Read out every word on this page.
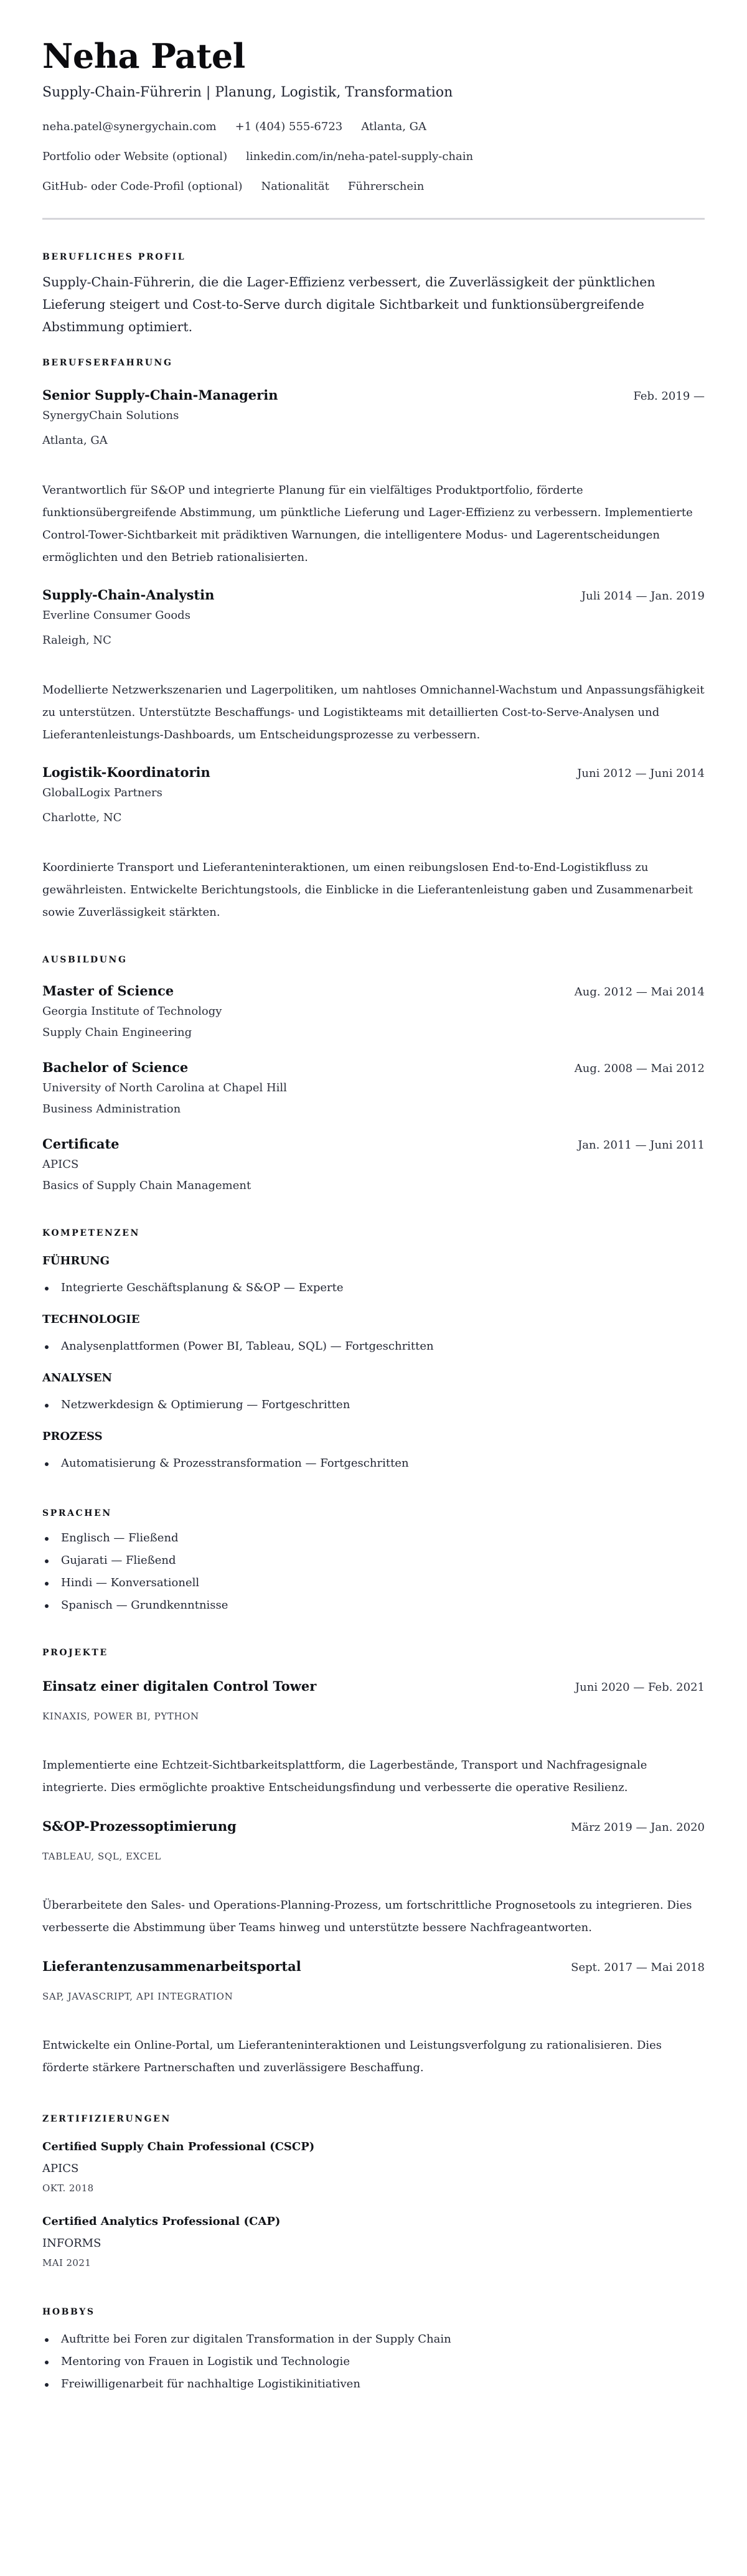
Neha Patel
Supply-Chain-Führerin | Planung, Logistik, Transformation
neha.patel@synergychain.com +1 (404) 555-6723 Atlanta, GA
Portfolio oder Website (optional) linkedin.com/in/neha-patel-supply-chain
GitHub- oder Code-Profil (optional) Nationalität Führerschein
BERUFLICHES PROFIL

Supply-Chain-Führerin, die die Lager-Effizienz verbessert, die Zuverlässigkeit der pünktlichen Lieferung steigert und Cost-to-Serve durch digitale Sichtbarkeit und funktionsübergreifende Abstimmung optimiert.

BERUFSERFAHRUNG
Senior Supply-Chain-Managerin	Feb. 2019 —
SynergyChain Solutions
Atlanta, GA

Verantwortlich für S&OP und integrierte Planung für ein vielfältiges Produktportfolio, förderte funktionsübergreifende Abstimmung, um pünktliche Lieferung und Lager-Effizienz zu verbessern. Implementierte Control-Tower-Sichtbarkeit mit prädiktiven Warnungen, die intelligentere Modus- und Lagerentscheidungen ermöglichten und den Betrieb rationalisierten.

Supply-Chain-Analystin	Juli 2014 — Jan. 2019
Everline Consumer Goods
Raleigh, NC

Modellierte Netzwerkszenarien und Lagerpolitiken, um nahtloses Omnichannel-Wachstum und Anpassungsfähigkeit zu unterstützen. Unterstützte Beschaffungs- und Logistikteams mit detaillierten Cost-to-Serve-Analysen und Lieferantenleistungs-Dashboards, um Entscheidungsprozesse zu verbessern.

Logistik-Koordinatorin	Juni 2012 — Juni 2014
GlobalLogix Partners
Charlotte, NC

Koordinierte Transport und Lieferanteninteraktionen, um einen reibungslosen End-to-End-Logistikfluss zu gewährleisten. Entwickelte Berichtungstools, die Einblicke in die Lieferantenleistung gaben und Zusammenarbeit sowie Zuverlässigkeit stärkten.

AUSBILDUNG
Master of Science	Aug. 2012 — Mai 2014
Georgia Institute of Technology
Supply Chain Engineering
Bachelor of Science	Aug. 2008 — Mai 2012
University of North Carolina at Chapel Hill
Business Administration
Certificate	Jan. 2011 — Juni 2011
APICS
Basics of Supply Chain Management
KOMPETENZEN
FÜHRUNG
Integrierte Geschäftsplanung & S&OP — Experte
TECHNOLOGIE
Analysenplattformen (Power BI, Tableau, SQL) — Fortgeschritten
ANALYSEN
Netzwerkdesign & Optimierung — Fortgeschritten
PROZESS
Automatisierung & Prozesstransformation — Fortgeschritten
SPRACHEN
Englisch — Fließend
Gujarati — Fließend
Hindi — Konversationell
Spanisch — Grundkenntnisse
PROJEKTE
Einsatz einer digitalen Control Tower	Juni 2020 — Feb. 2021
KINAXIS, POWER BI, PYTHON

Implementierte eine Echtzeit-Sichtbarkeitsplattform, die Lagerbestände, Transport und Nachfragesignale integrierte. Dies ermöglichte proaktive Entscheidungsfindung und verbesserte die operative Resilienz.

S&OP-Prozessoptimierung	März 2019 — Jan. 2020
TABLEAU, SQL, EXCEL

Überarbeitete den Sales- und Operations-Planning-Prozess, um fortschrittliche Prognosetools zu integrieren. Dies verbesserte die Abstimmung über Teams hinweg und unterstützte bessere Nachfrageantworten.

Lieferantenzusammenarbeitsportal	Sept. 2017 — Mai 2018
SAP, JAVASCRIPT, API INTEGRATION

Entwickelte ein Online-Portal, um Lieferanteninteraktionen und Leistungsverfolgung zu rationalisieren. Dies förderte stärkere Partnerschaften und zuverlässigere Beschaffung.

ZERTIFIZIERUNGEN
Certified Supply Chain Professional (CSCP)
APICS
OKT. 2018
Certified Analytics Professional (CAP)
INFORMS
MAI 2021
HOBBYS
Auftritte bei Foren zur digitalen Transformation in der Supply Chain
Mentoring von Frauen in Logistik und Technologie
Freiwilligenarbeit für nachhaltige Logistikinitiativen
